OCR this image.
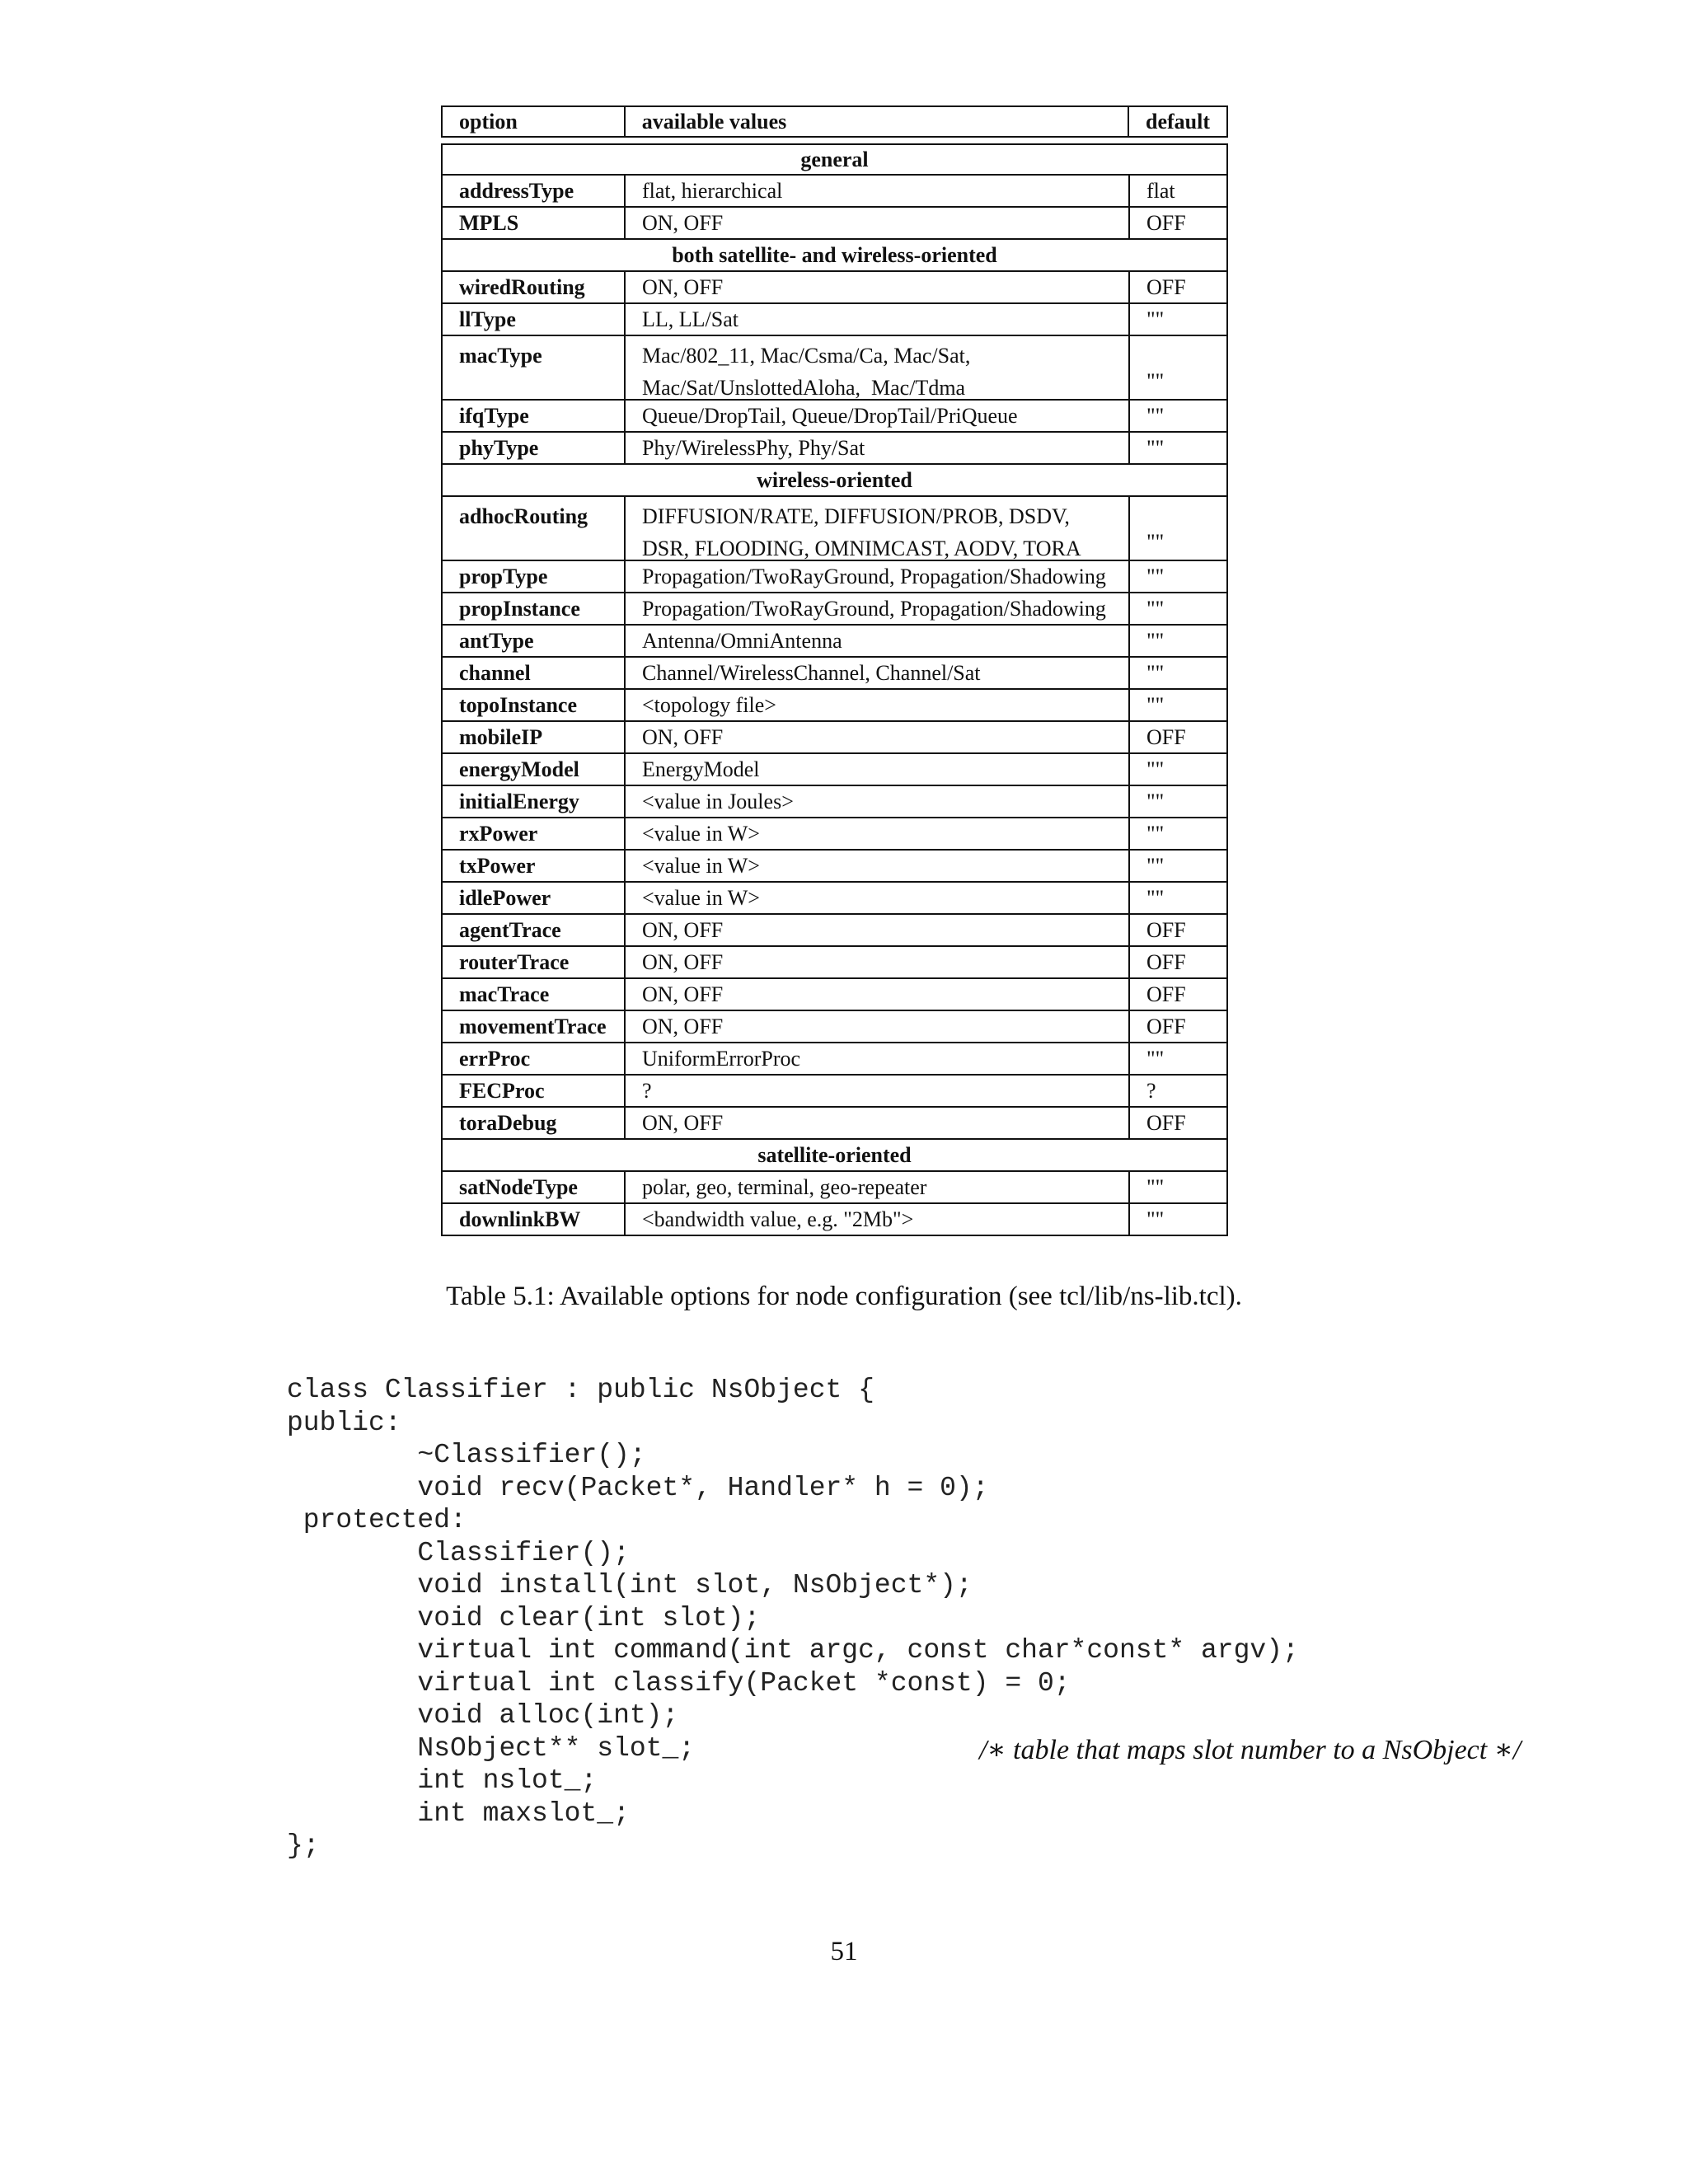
option	available values	default
general
addressType	flat, hierarchical	flat
MPLS	ON, OFF	OFF
both satellite- and wireless-oriented
wiredRouting	ON, OFF	OFF
llType	LL, LL/Sat	""
macType	Mac/802_11, Mac/Csma/Ca, Mac/Sat,
Mac/Sat/UnslottedAloha,  Mac/Tdma	""
ifqType	Queue/DropTail, Queue/DropTail/PriQueue	""
phyType	Phy/WirelessPhy, Phy/Sat	""
wireless-oriented
adhocRouting	DIFFUSION/RATE, DIFFUSION/PROB, DSDV,
DSR, FLOODING, OMNIMCAST, AODV, TORA	""
propType	Propagation/TwoRayGround, Propagation/Shadowing	""
propInstance	Propagation/TwoRayGround, Propagation/Shadowing	""
antType	Antenna/OmniAntenna	""
channel	Channel/WirelessChannel, Channel/Sat	""
topoInstance	<topology file>	""
mobileIP	ON, OFF	OFF
energyModel	EnergyModel	""
initialEnergy	<value in Joules>	""
rxPower	<value in W>	""
txPower	<value in W>	""
idlePower	<value in W>	""
agentTrace	ON, OFF	OFF
routerTrace	ON, OFF	OFF
macTrace	ON, OFF	OFF
movementTrace	ON, OFF	OFF
errProc	UniformErrorProc	""
FECProc	?	?
toraDebug	ON, OFF	OFF
satellite-oriented
satNodeType	polar, geo, terminal, geo-repeater	""
downlinkBW	<bandwidth value, e.g. "2Mb">	""
Table 5.1: Available options for node configuration (see tcl/lib/ns-lib.tcl).
class Classifier : public NsObject {
public:
~Classifier();
void recv(Packet*, Handler* h = 0);
protected:
Classifier();
void install(int slot, NsObject*);
void clear(int slot);
virtual int command(int argc, const char*const* argv);
virtual int classify(Packet *const) = 0;
void alloc(int);
NsObject** slot_;
int nslot_;
int maxslot_;
};
/∗ table that maps slot number to a NsObject ∗/
51
